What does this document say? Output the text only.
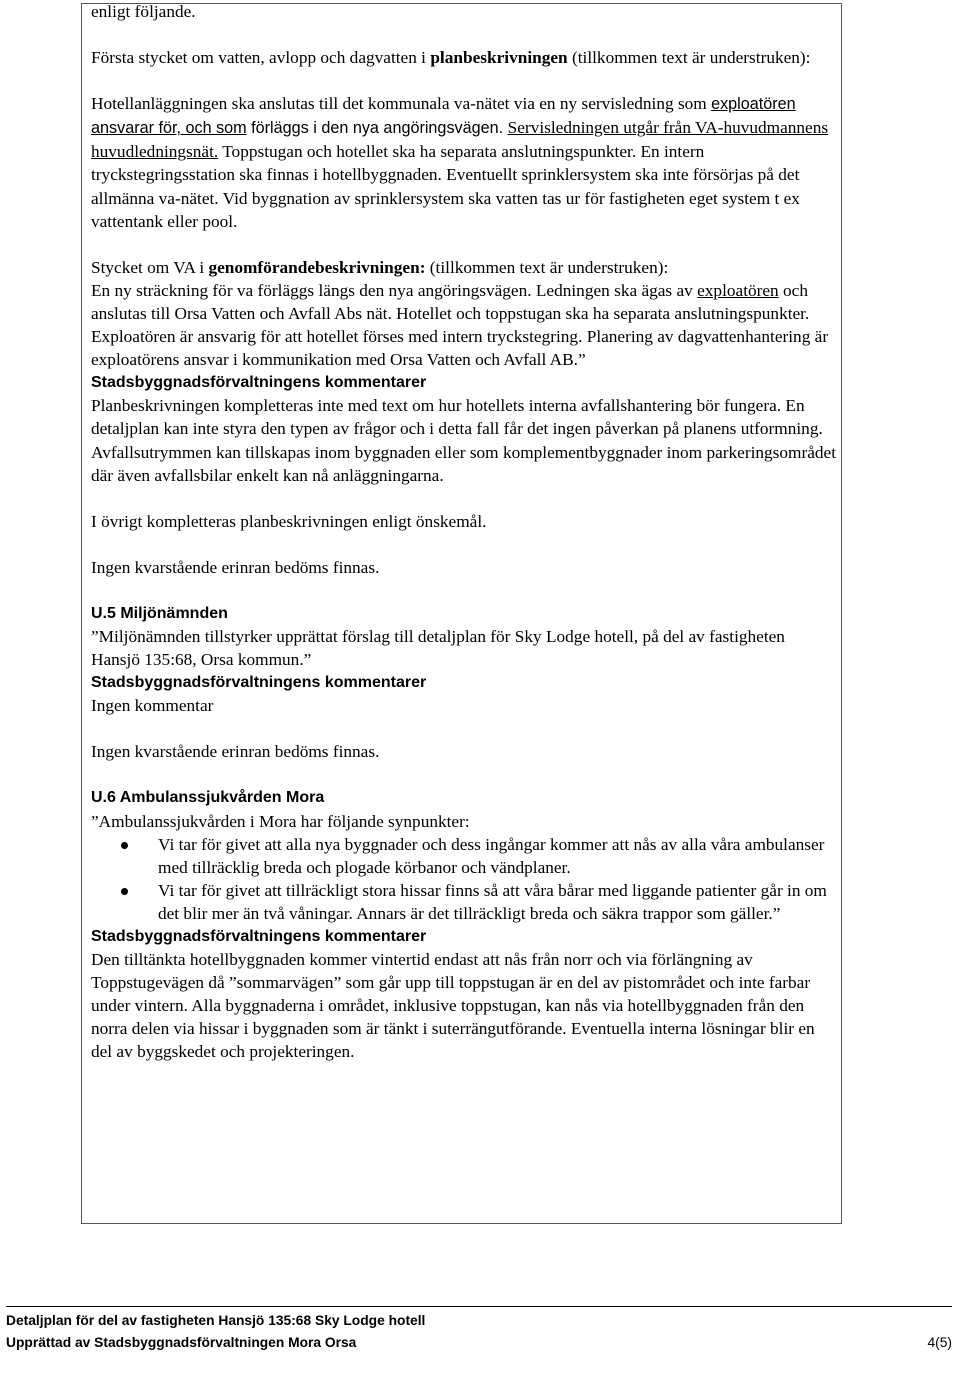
enligt följande.

Första stycket om vatten, avlopp och dagvatten i planbeskrivningen (tillkommen text är understruken):

Hotellanläggningen ska anslutas till det kommunala va-nätet via en ny servisledning som exploatören ansvarar för, och som förläggs i den nya angöringsvägen. Servisledningen utgår från VA-huvudmannens huvudledningsnät. Toppstugan och hotellet ska ha separata anslutningspunkter. En intern tryckstegringsstation ska finnas i hotellbyggnaden. Eventuellt sprinklersystem ska inte försörjas på det allmänna va-nätet. Vid byggnation av sprinklersystem ska vatten tas ur för fastigheten eget system t ex vattentank eller pool.

Stycket om VA i genomförandebeskrivningen: (tillkommen text är understruken):

En ny sträckning för va förläggs längs den nya angöringsvägen. Ledningen ska ägas av exploatören och anslutas till Orsa Vatten och Avfall Abs nät. Hotellet och toppstugan ska ha separata anslutningspunkter. Exploatören är ansvarig för att hotellet förses med intern tryckstegring. Planering av dagvattenhantering är exploatörens ansvar i kommunikation med Orsa Vatten och Avfall AB.”

Stadsbyggnadsförvaltningens kommentarer

Planbeskrivningen kompletteras inte med text om hur hotellets interna avfallshantering bör fungera. En detaljplan kan inte styra den typen av frågor och i detta fall får det ingen påverkan på planens utformning. Avfallsutrymmen kan tillskapas inom byggnaden eller som komplementbyggnader inom parkeringsområdet där även avfallsbilar enkelt kan nå anläggningarna.

I övrigt kompletteras planbeskrivningen enligt önskemål.

Ingen kvarstående erinran bedöms finnas.

U.5 Miljönämnden

”Miljönämnden tillstyrker upprättat förslag till detaljplan för Sky Lodge hotell, på del av fastigheten Hansjö 135:68, Orsa kommun.”

Stadsbyggnadsförvaltningens kommentarer

Ingen kommentar

Ingen kvarstående erinran bedöms finnas.

U.6 Ambulanssjukvården Mora

”Ambulanssjukvården i Mora har följande synpunkter:

Vi tar för givet att alla nya byggnader och dess ingångar kommer att nås av alla våra ambulanser med tillräcklig breda och plogade körbanor och vändplaner.
Vi tar för givet att tillräckligt stora hissar finns så att våra bårar med liggande patienter går in om det blir mer än två våningar. Annars är det tillräckligt breda och säkra trappor som gäller.”

Stadsbyggnadsförvaltningens kommentarer

Den tilltänkta hotellbyggnaden kommer vintertid endast att nås från norr och via förlängning av Toppstugevägen då ”sommarvägen” som går upp till toppstugan är en del av pistområdet och inte farbar under vintern. Alla byggnaderna i området, inklusive toppstugan, kan nås via hotellbyggnaden från den norra delen via hissar i byggnaden som är tänkt i suterrängutförande. Eventuella interna lösningar blir en del av byggskedet och projekteringen.

Detaljplan för del av fastigheten Hansjö 135:68 Sky Lodge hotell
Upprättad av Stadsbyggnadsförvaltningen Mora Orsa	4(5)
